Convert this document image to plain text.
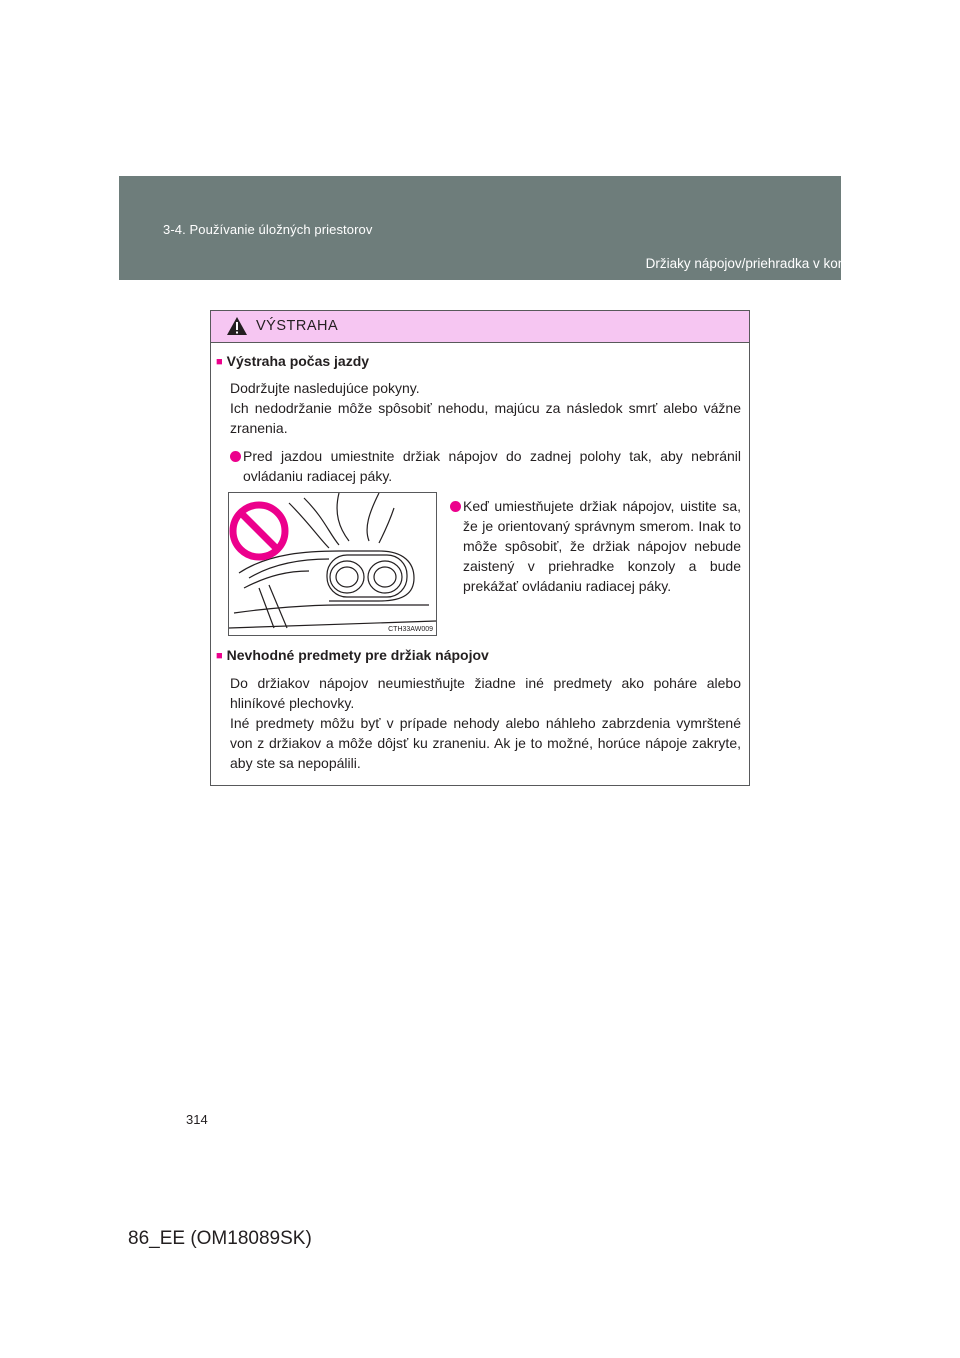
3-4. Používanie úložných priestorov
Držiaky nápojov/priehradka v konzole
VÝSTRAHA
■ Výstraha počas jazdy

Dodržujte nasledujúce pokyny.

Ich nedodržanie môže spôsobiť nehodu, majúcu za následok smrť alebo vážne zranenia.

Pred jazdou umiestnite držiak nápojov do zadnej polohy tak, aby nebránil ovládaniu radiacej páky.
CTH33AW009
Keď umiestňujete držiak nápojov, uistite sa, že je orientovaný správnym smerom. Inak to môže spôsobiť, že držiak nápojov nebude zaistený v priehradke konzoly a bude prekážať ovládaniu radiacej páky.
■ Nevhodné predmety pre držiak nápojov

Do držiakov nápojov neumiestňujte žiadne iné predmety ako poháre alebo hliníkové plechovky.

Iné predmety môžu byť v prípade nehody alebo náhleho zabrzdenia vymrštené von z držiakov a môže dôjsť ku zraneniu. Ak je to možné, horúce nápoje zakryte, aby ste sa nepopálili.

314
86_EE (OM18089SK)
